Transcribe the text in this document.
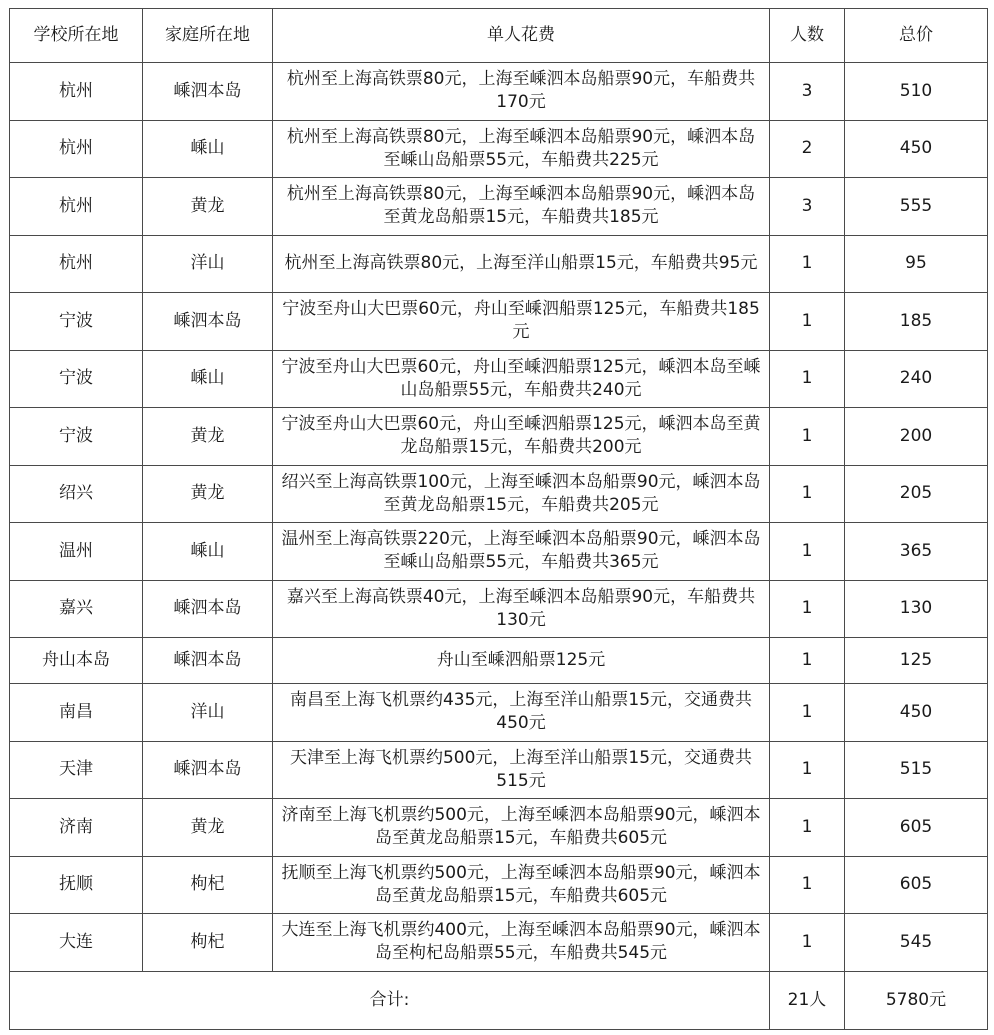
学校所在地	家庭所在地	单人花费	人数	总价
杭州	嵊泗本岛	杭州至上海高铁票80元，上海至嵊泗本岛船票90元，车船费共170元	3	510
杭州	嵊山	杭州至上海高铁票80元，上海至嵊泗本岛船票90元，嵊泗本岛至嵊山岛船票55元，车船费共225元	2	450
杭州	黄龙	杭州至上海高铁票80元，上海至嵊泗本岛船票90元，嵊泗本岛至黄龙岛船票15元，车船费共185元	3	555
杭州	洋山	杭州至上海高铁票80元，上海至洋山船票15元，车船费共95元	1	95
宁波	嵊泗本岛	宁波至舟山大巴票60元，舟山至嵊泗船票125元，车船费共185元	1	185
宁波	嵊山	宁波至舟山大巴票60元，舟山至嵊泗船票125元，嵊泗本岛至嵊山岛船票55元，车船费共240元	1	240
宁波	黄龙	宁波至舟山大巴票60元，舟山至嵊泗船票125元，嵊泗本岛至黄龙岛船票15元，车船费共200元	1	200
绍兴	黄龙	绍兴至上海高铁票100元，上海至嵊泗本岛船票90元，嵊泗本岛至黄龙岛船票15元，车船费共205元	1	205
温州	嵊山	温州至上海高铁票220元，上海至嵊泗本岛船票90元，嵊泗本岛至嵊山岛船票55元，车船费共365元	1	365
嘉兴	嵊泗本岛	嘉兴至上海高铁票40元，上海至嵊泗本岛船票90元，车船费共130元	1	130
舟山本岛	嵊泗本岛	舟山至嵊泗船票125元	1	125
南昌	洋山	南昌至上海飞机票约435元，上海至洋山船票15元，交通费共450元	1	450
天津	嵊泗本岛	天津至上海飞机票约500元，上海至洋山船票15元，交通费共515元	1	515
济南	黄龙	济南至上海飞机票约500元，上海至嵊泗本岛船票90元，嵊泗本岛至黄龙岛船票15元，车船费共605元	1	605
抚顺	枸杞	抚顺至上海飞机票约500元，上海至嵊泗本岛船票90元，嵊泗本岛至黄龙岛船票15元，车船费共605元	1	605
大连	枸杞	大连至上海飞机票约400元，上海至嵊泗本岛船票90元，嵊泗本岛至枸杞岛船票55元，车船费共545元	1	545
合计:			21人	5780元
